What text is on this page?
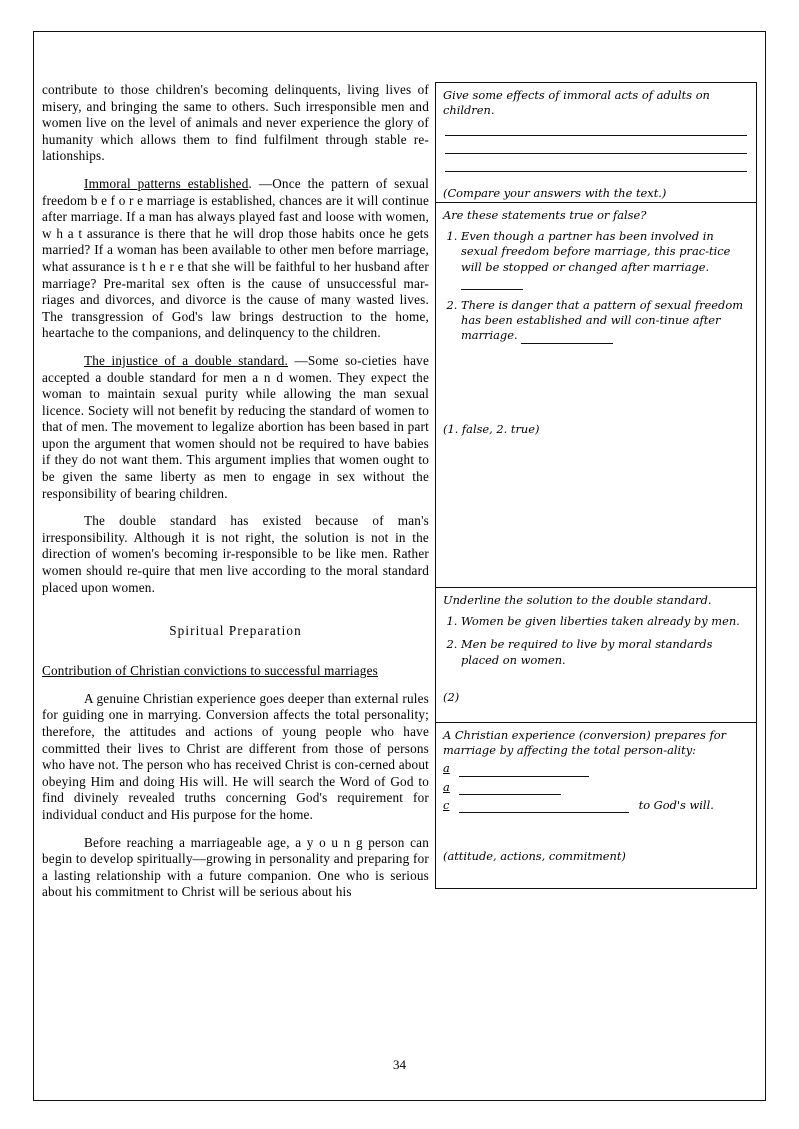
contribute to those children's becoming delinquents, living lives of misery, and bringing the same to others. Such irresponsible men and women live on the level of animals and never experience the glory of humanity which allows them to find fulfilment through stable re-lationships.

Immoral patterns established. —Once the pattern of sexual freedom b e f o r e marriage is established, chances are it will continue after marriage. If a man has always played fast and loose with women, w h a t assurance is there that he will drop those habits once he gets married? If a woman has been available to other men before marriage, what assurance is t h e r e that she will be faithful to her husband after marriage? Pre-marital sex often is the cause of unsuccessful mar-riages and divorces, and divorce is the cause of many wasted lives. The transgression of God's law brings destruction to the home, heartache to the companions, and delinquency to the children.

The injustice of a double standard. —Some so-cieties have accepted a double standard for men a n d women. They expect the woman to maintain sexual purity while allowing the man sexual licence. Society will not benefit by reducing the standard of women to that of men. The movement to legalize abortion has been based in part upon the argument that women should not be required to have babies if they do not want them. This argument implies that women ought to be given the same liberty as men to engage in sex without the responsibility of bearing children.

The double standard has existed because of man's irresponsibility. Although it is not right, the solution is not in the direction of women's becoming ir-responsible to be like men. Rather women should re-quire that men live according to the moral standard placed upon women.

Spiritual Preparation
Contribution of Christian convictions to successful marriages

A genuine Christian experience goes deeper than external rules for guiding one in marrying. Conversion affects the total personality; therefore, the attitudes and actions of young people who have committed their lives to Christ are different from those of persons who have not. The person who has received Christ is con-cerned about obeying Him and doing His will. He will search the Word of God to find divinely revealed truths concerning God's requirement for individual conduct and His purpose for the home.

Before reaching a marriageable age, a y o u n g person can begin to develop spiritually—growing in personality and preparing for a lasting relationship with a future companion. One who is serious about his commitment to Christ will be serious about his

Give some effects of immoral acts of adults on children.
(Compare your answers with the text.)
Are these statements true or false?
1. Even though a partner has been involved in sexual freedom before marriage, this prac-tice will be stopped or changed after marriage.
2. There is danger that a pattern of sexual freedom has been established and will con-tinue after marriage.
(1. false, 2. true)
Underline the solution to the double standard.
1. Women be given liberties taken already by men.
2. Men be required to live by moral standards placed on women.
(2)
A Christian experience (conversion) prepares for marriage by affecting the total person-ality:
a
a
c	to God's will.
(attitude, actions, commitment)
34
